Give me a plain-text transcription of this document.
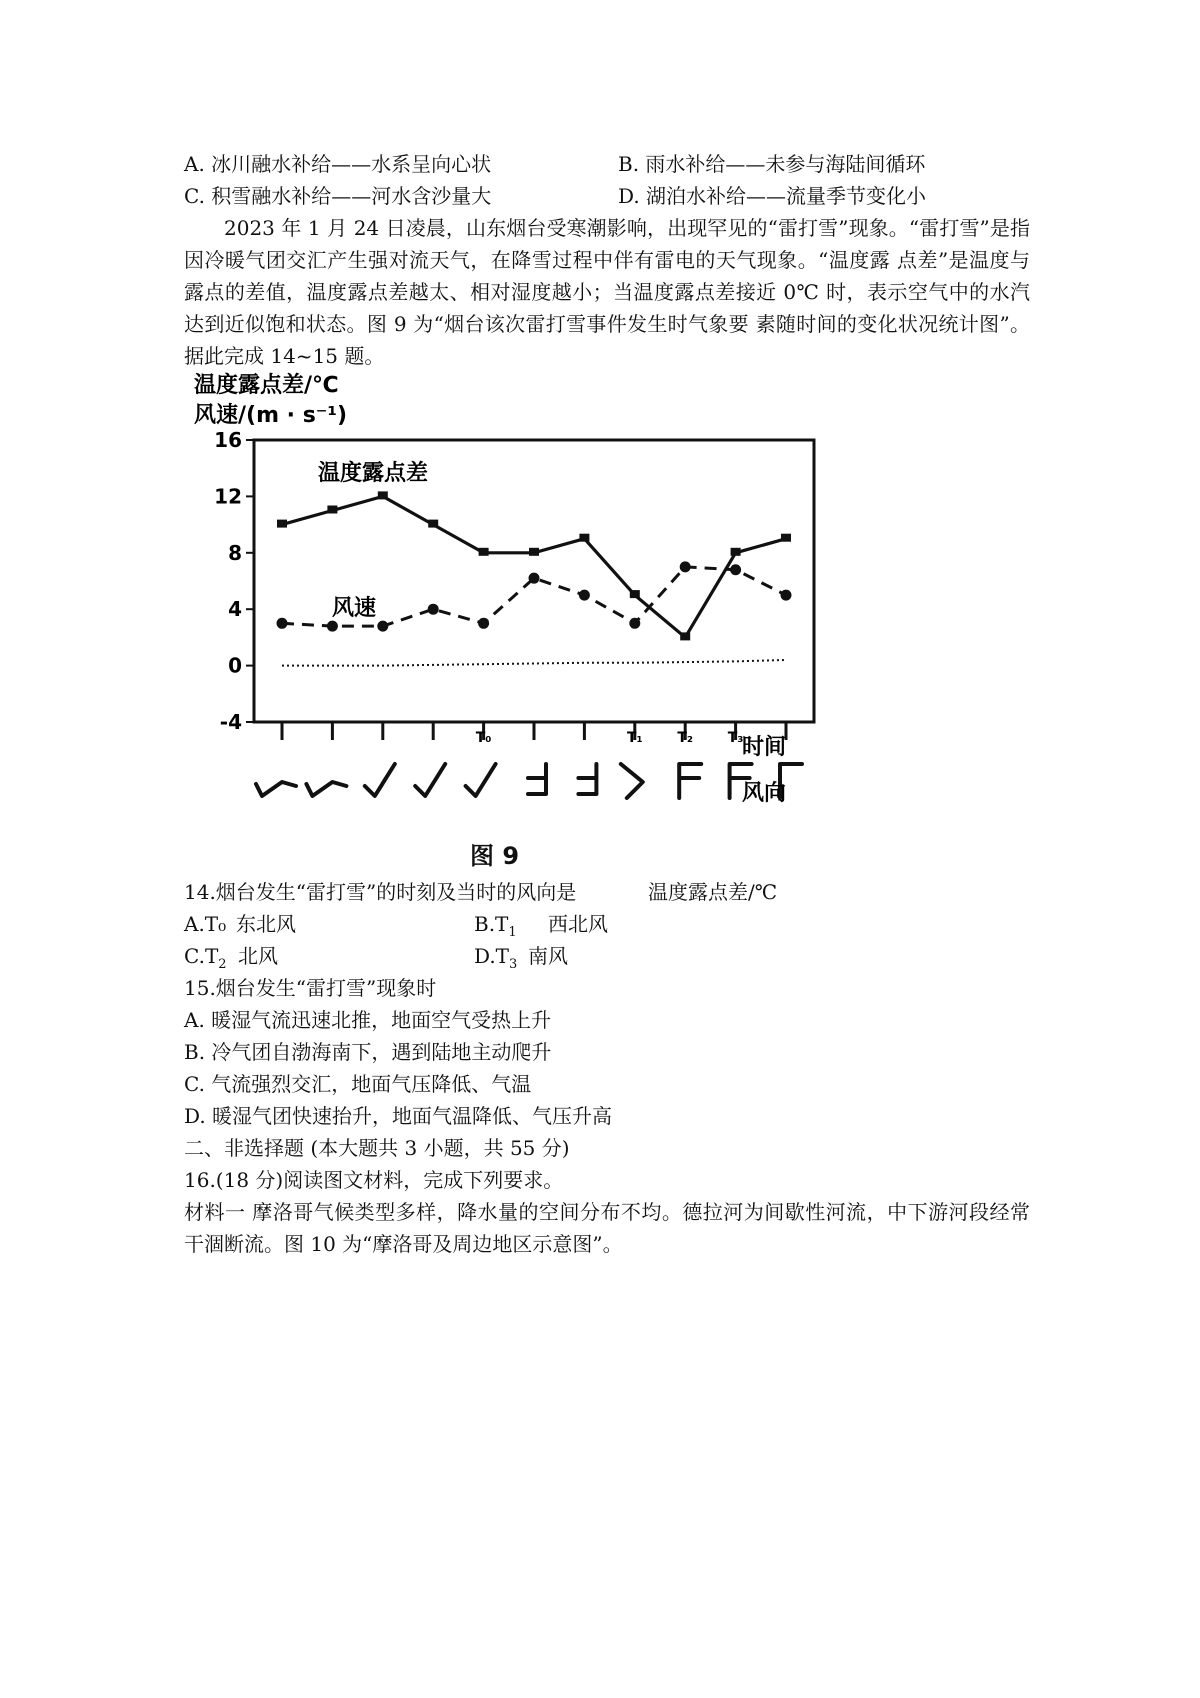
A. 冰川融水补给——水系呈向心状	B. 雨水补给——未参与海陆间循环
C. 积雪融水补给——河水含沙量大	D. 湖泊水补给——流量季节变化小

2023 年 1 月 24 日凌晨，山东烟台受寒潮影响，出现罕见的“雷打雪”现象。“雷打雪”是指因冷暖气团交汇产生强对流天气，在降雪过程中伴有雷电的天气现象。“温度露 点差”是温度与露点的差值，温度露点差越太、相对湿度越小；当温度露点差接近 0℃ 时，表示空气中的水汽达到近似饱和状态。图 9 为“烟台该次雷打雪事件发生时气象要 素随时间的变化状况统计图”。据此完成 14~15 题。

温度露点差/℃
风速/(m · s⁻¹)
16
12
8
4
0
-4
T₀	T₁ T₂ T₃
温度露点差
风速
时间
风向
图 9
14.烟台发生“雷打雪”的时刻及当时的风向是	温度露点差/℃
A.T₀ 东北风	$B.T_1$ 西北风
$C.T_2$ 北风	$D.T_3$ 南风
15.烟台发生“雷打雪”现象时
A. 暖湿气流迅速北推，地面空气受热上升
B. 冷气团自渤海南下，遇到陆地主动爬升
C. 气流强烈交汇，地面气压降低、气温
D. 暖湿气团快速抬升，地面气温降低、气压升高
二、非选择题 (本大题共 3 小题，共 55 分)
16.(18 分)阅读图文材料，完成下列要求。

材料一 摩洛哥气候类型多样，降水量的空间分布不均。德拉河为间歇性河流，中下游河段经常干涸断流。图 10 为“摩洛哥及周边地区示意图”。
